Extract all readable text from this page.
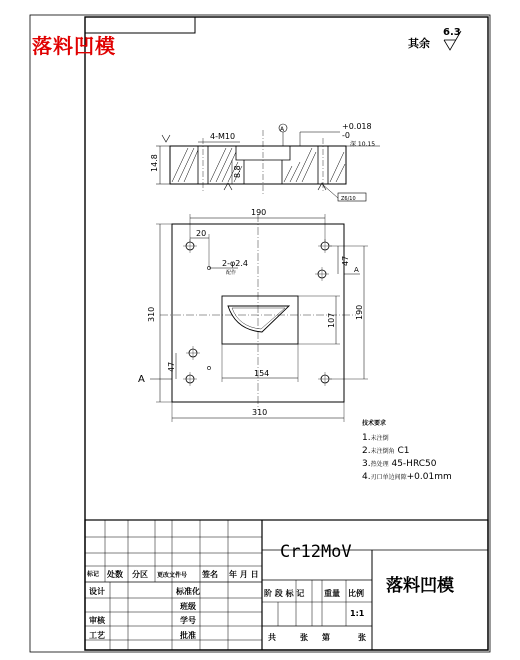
4-M10
+0.018
-0
深 10.15
14.8	8.8
A
Z6/10
190
20
2-φ2.4
配作
310
47
190
107
47
154
310
A
A
落料凹模	其余
6.3
技术要求
1.未注倒
2.未注倒角 C1
3.热处理 45-HRC50
4.刃口单边间隙+0.01mm
Cr12MoV
落料凹模
标记 处数 分区 更改文件号 签名 年 月 日
设计	标准化
班级
审核	学号
工艺	批准
阶 段 标 记 重量 比例
1:1
共	张 第	张
